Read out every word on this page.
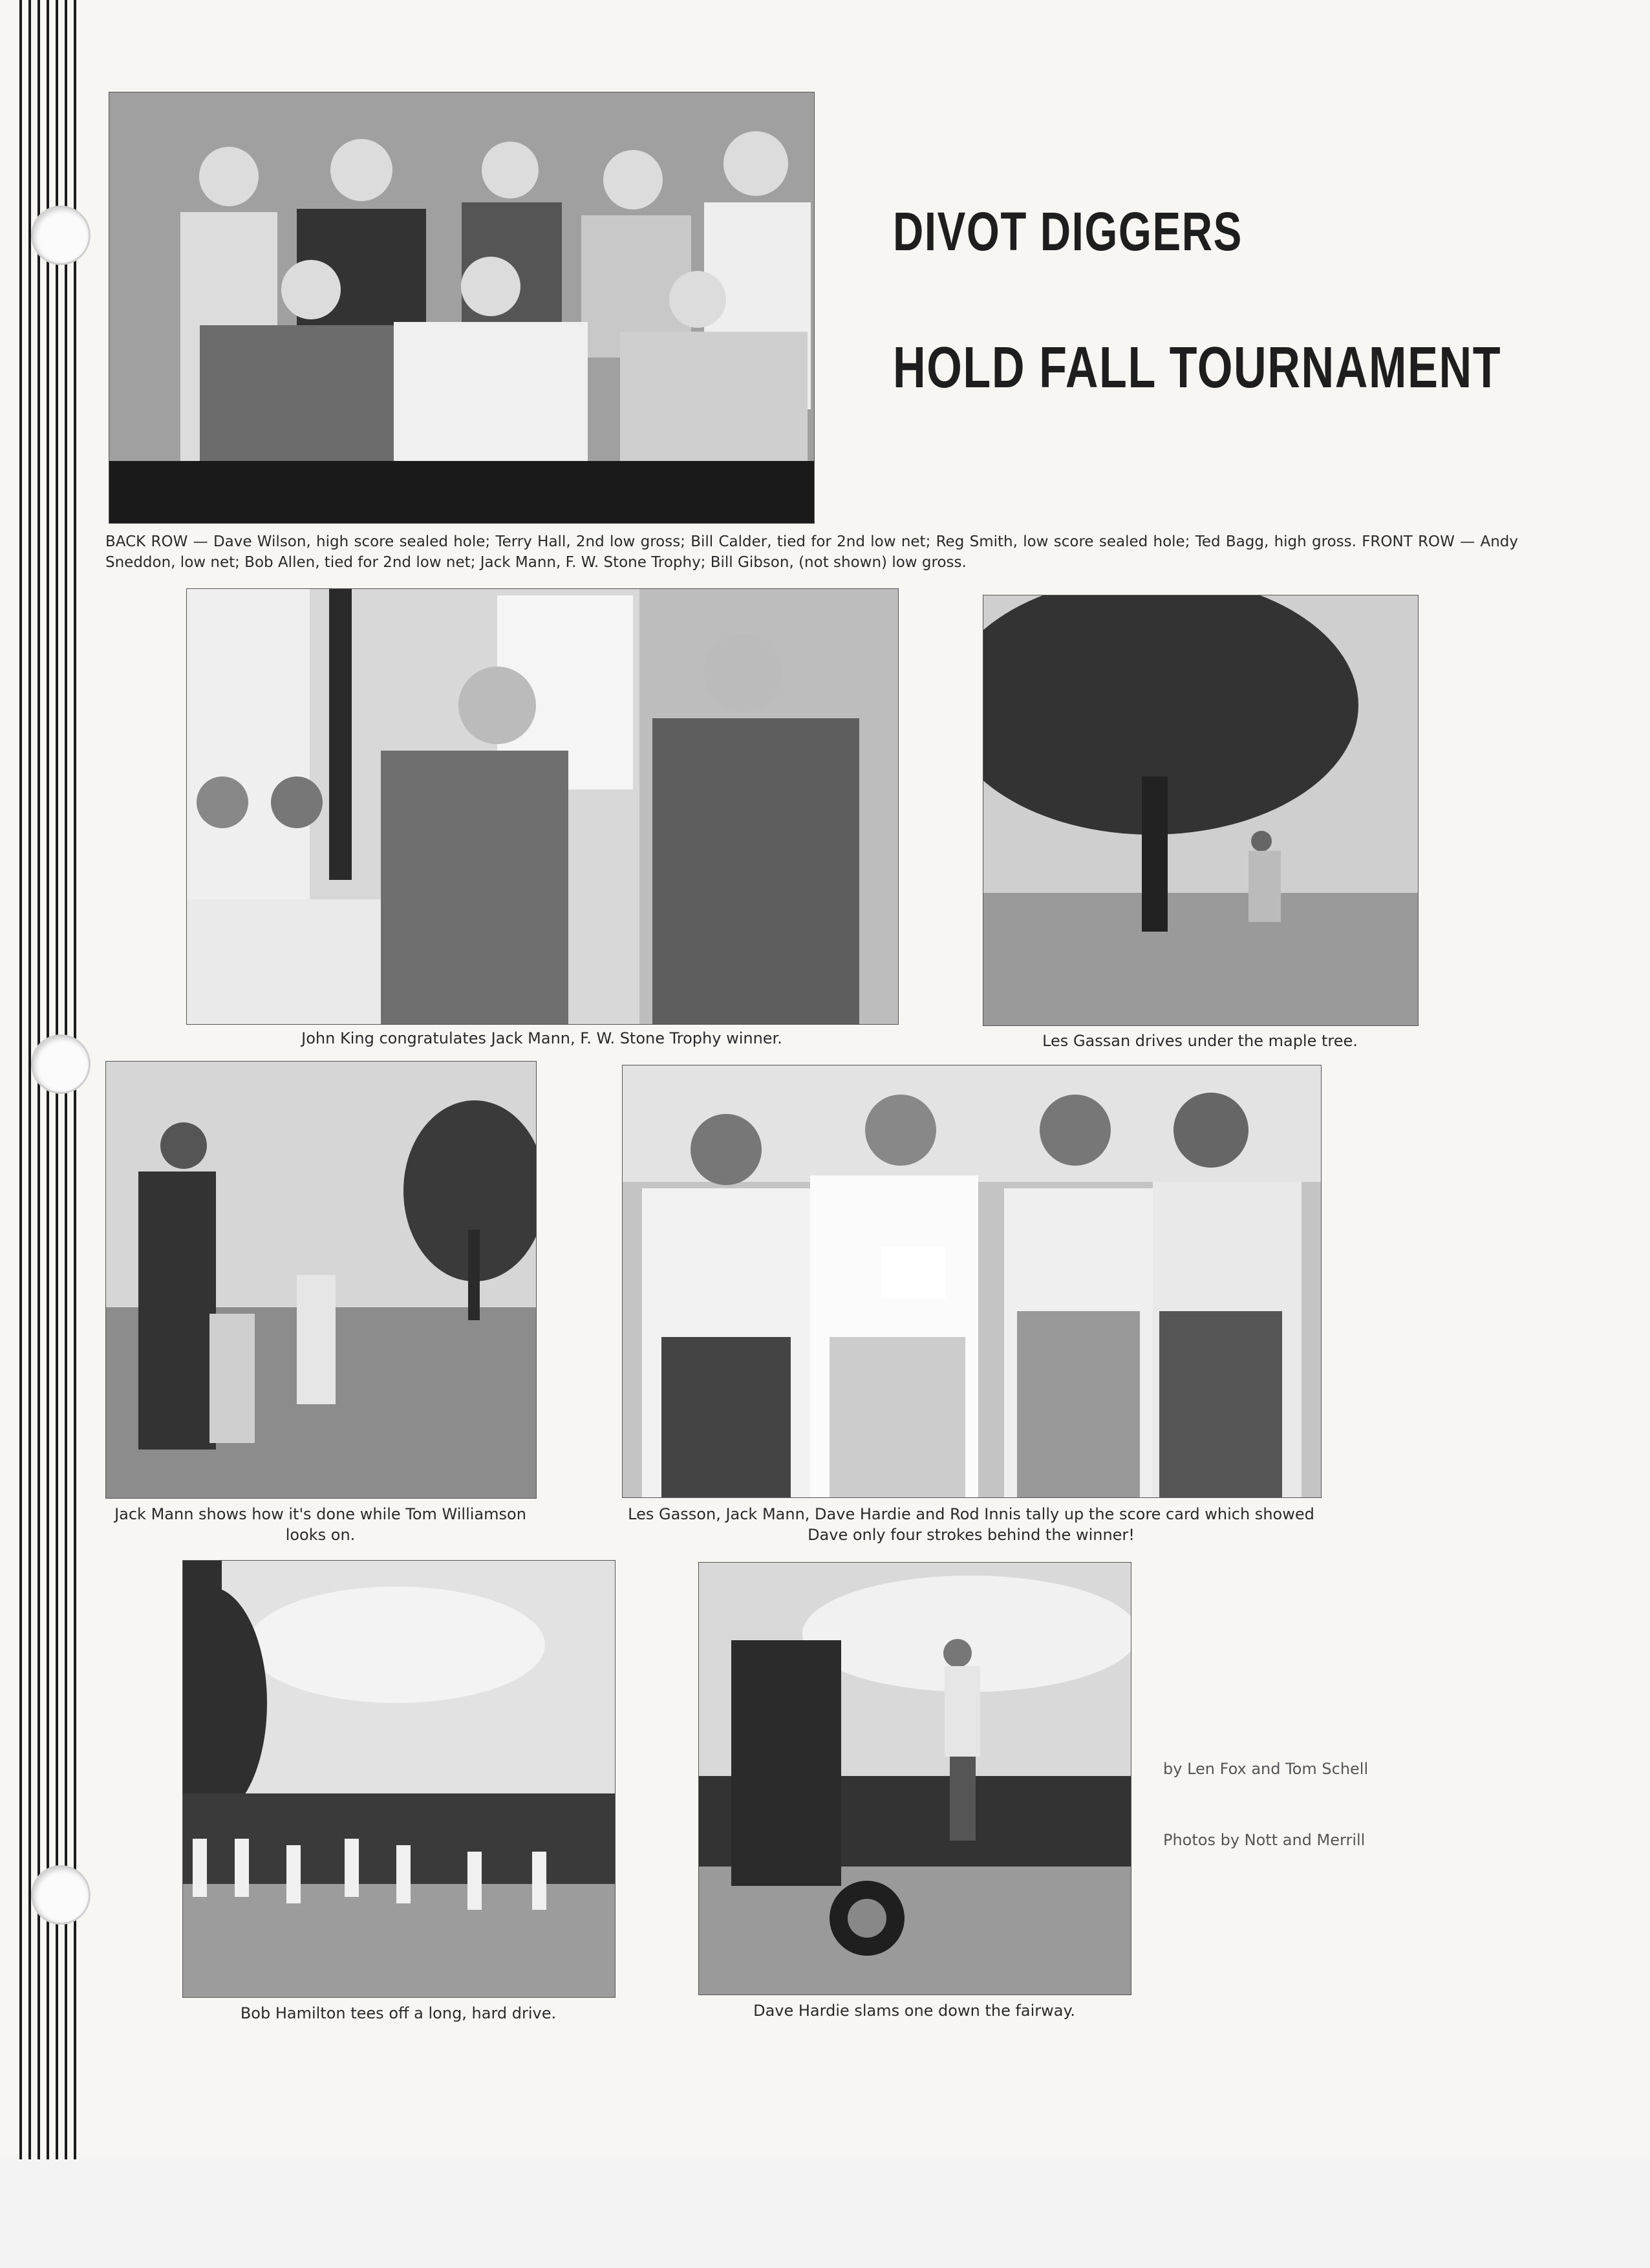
DIVOT DIGGERS
HOLD FALL TOURNAMENT
BACK ROW — Dave Wilson, high score sealed hole; Terry Hall, 2nd low gross; Bill Calder, tied for 2nd low net; Reg Smith, low score sealed hole; Ted Bagg, high gross. FRONT ROW — Andy Sneddon, low net; Bob Allen, tied for 2nd low net; Jack Mann, F. W. Stone Trophy; Bill Gibson, (not shown) low gross.
John King congratulates Jack Mann, F. W. Stone Trophy winner.	Les Gassan drives under the maple tree.
Jack Mann shows how it's done while Tom Williamson looks on.
Les Gasson, Jack Mann, Dave Hardie and Rod Innis tally up the score card which showed Dave only four strokes behind the winner!
Bob Hamilton tees off a long, hard drive.	Dave Hardie slams one down the fairway.
by Len Fox and Tom Schell
Photos by Nott and Merrill
